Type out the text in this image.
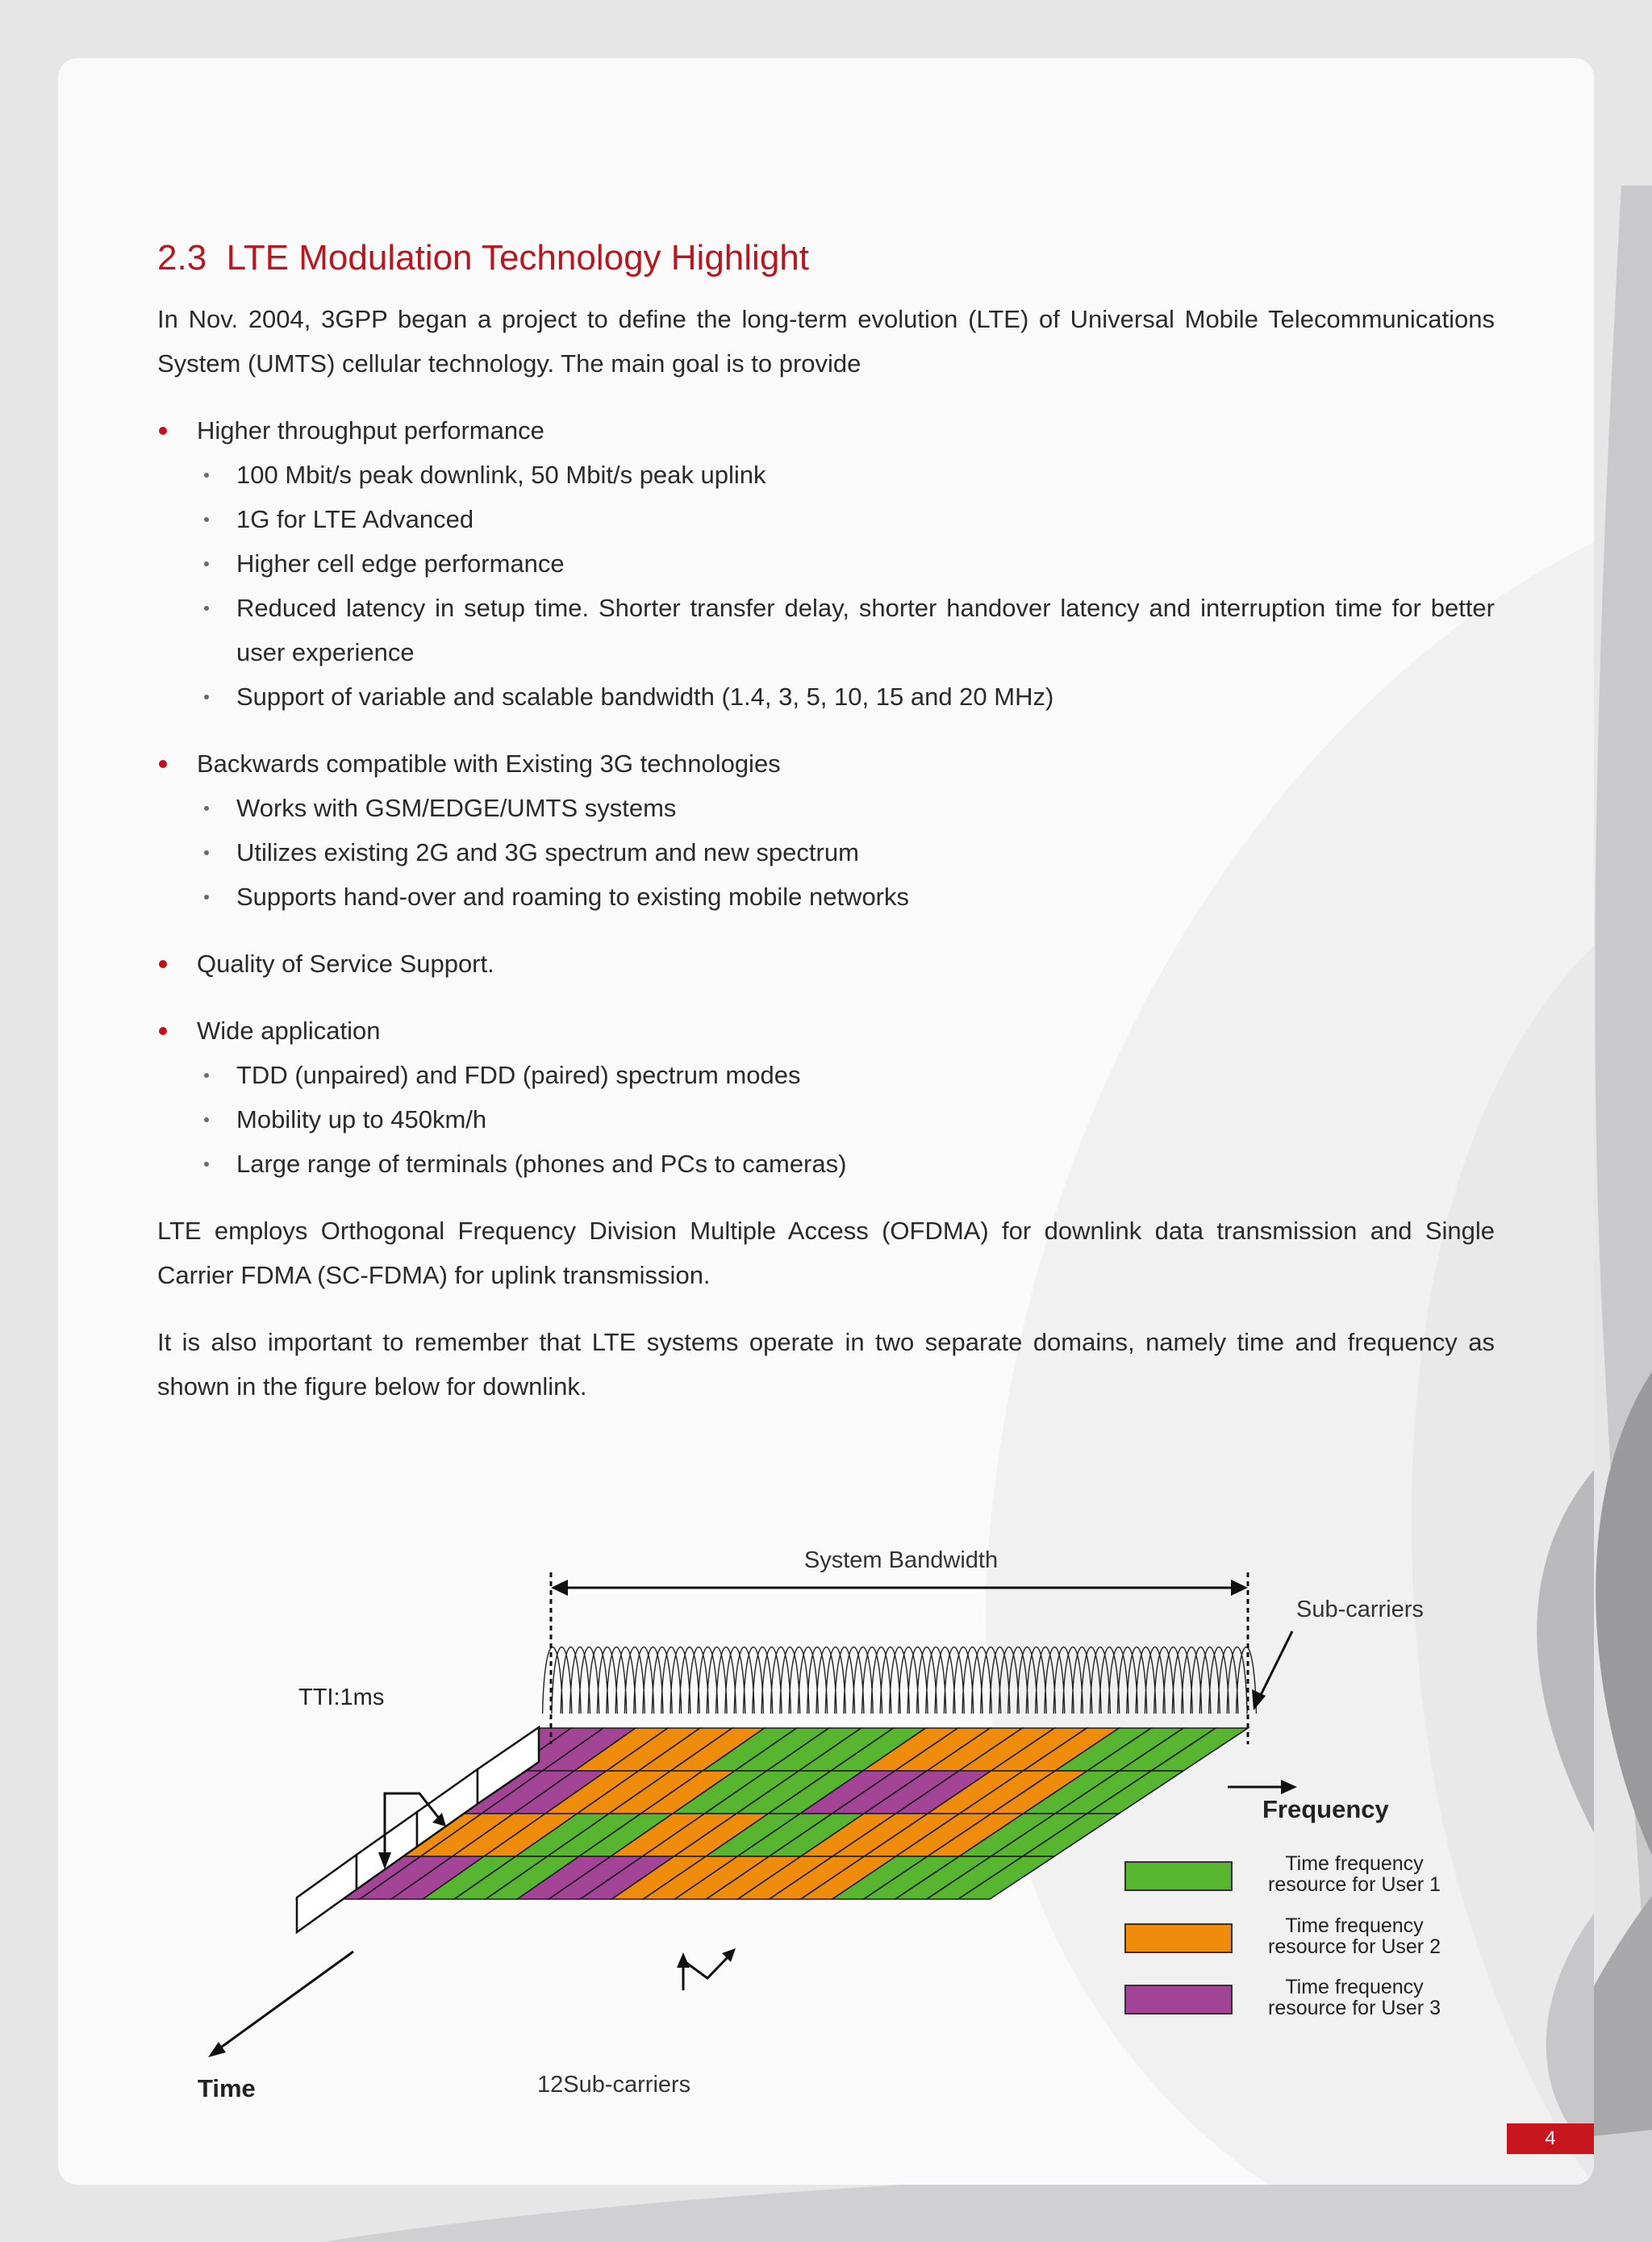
2.3 LTE Modulation Technology Highlight

In Nov. 2004, 3GPP began a project to define the long-term evolution (LTE) of Universal Mobile Telecommunications System (UMTS) cellular technology. The main goal is to provide

Higher throughput performance

100 Mbit/s peak downlink, 50 Mbit/s peak uplink

1G for LTE Advanced

Higher cell edge performance

Reduced latency in setup time. Shorter transfer delay, shorter handover latency and interruption time for better user experience

Support of variable and scalable bandwidth (1.4, 3, 5, 10, 15 and 20 MHz)

Backwards compatible with Existing 3G technologies

Works with GSM/EDGE/UMTS systems

Utilizes existing 2G and 3G spectrum and new spectrum

Supports hand-over and roaming to existing mobile networks

Quality of Service Support.

Wide application

TDD (unpaired) and FDD (paired) spectrum modes

Mobility up to 450km/h

Large range of terminals (phones and PCs to cameras)

LTE employs Orthogonal Frequency Division Multiple Access (OFDMA) for downlink data transmission and Single Carrier FDMA (SC-FDMA) for uplink transmission.

It is also important to remember that LTE systems operate in two separate domains, namely time and frequency as shown in the figure below for downlink.

System Bandwidth
Sub-carriers
Frequency
Time
TTI:1ms
12Sub-carriers
Time frequency
resource for User 1
Time frequency
resource for User 2
Time frequency
resource for User 3
4
